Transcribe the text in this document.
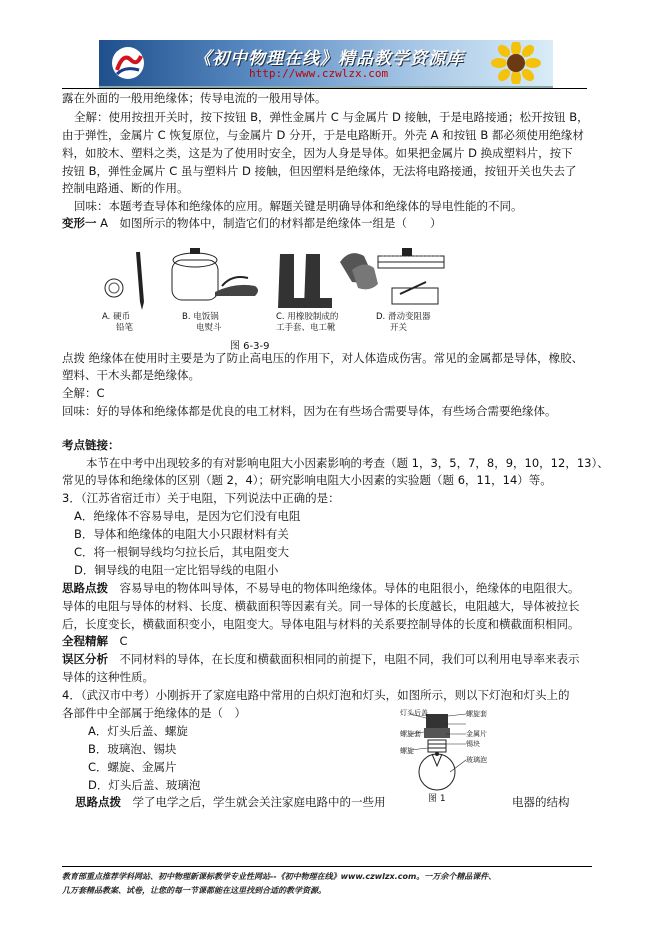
《初中物理在线》精品教学资源库
http://www.czwlzx.com
露在外面的一般用绝缘体；传导电流的一般用导体。
全解：使用按扭开关时，按下按钮 B，弹性金属片 C 与金属片 D 接触，于是电路接通；松开按钮 B，
由于弹性，金属片 C 恢复原位，与金属片 D 分开，于是电路断开。外壳 A 和按钮 B 都必须使用绝缘材
料，如胶木、塑料之类，这是为了使用时安全，因为人身是导体。如果把金属片 D 换成塑料片，按下
按钮 B，弹性金属片 C 虽与塑料片 D 接触，但因塑料是绝缘体，无法将电路接通，按钮开关也失去了
控制电路通、断的作用。
回味：本题考查导体和绝缘体的应用。解题关键是明确导体和绝缘体的导电性能的不同。
变形一 A　如图所示的物体中，制造它们的材料都是绝缘体一组是（　　）
A. 硬币
铅笔
B. 电饭锅
电熨斗
C. 用橡胶制成的
工手套、电工靴
D. 滑动变阻器
开关
图 6-3-9
点拨 绝缘体在使用时主要是为了防止高电压的作用下，对人体造成伤害。常见的金属都是导体，橡胶、
塑料、干木头都是绝缘体。
全解：C
回味：好的导体和绝缘体都是优良的电工材料，因为在有些场合需要导体，有些场合需要绝缘体。
考点链接：
本节在中考中出现较多的有对影响电阻大小因素影响的考查（题 1，3，5，7，8，9，10，12，13）、
常见的导体和绝缘体的区别（题 2，4）；研究影响电阻大小因素的实验题（题 6，11，14）等。
3．（江苏省宿迁市）关于电阻，下列说法中正确的是：
A．绝缘体不容易导电，是因为它们没有电阻
B．导体和绝缘体的电阻大小只跟材料有关
C．将一根铜导线均匀拉长后，其电阻变大
D．铜导线的电阻一定比铝导线的电阻小
思路点拨　容易导电的物体叫导体，不易导电的物体叫绝缘体。导体的电阻很小，绝缘体的电阻很大。
导体的电阻与导体的材料、长度、横截面积等因素有关。同一导体的长度越长，电阻越大，导体被拉长
后，长度变长，横截面积变小，电阻变大。导体电阻与材料的关系要控制导体的长度和横截面积相同。
全程精解　C
误区分析　不同材料的导体，在长度和横截面积相同的前提下，电阻不同，我们可以利用电导率来表示
导体的这种性质。
4．（武汉市中考）小刚拆开了家庭电路中常用的白炽灯泡和灯头，如图所示，则以下灯泡和灯头上的
各部件中全部属于绝缘体的是（　）
A．灯头后盖、螺旋
B．玻璃泡、锡块
C．螺旋、金属片
D．灯头后盖、玻璃泡
思路点拨　学了电学之后，学生就会关注家庭电路中的一些用	电器的结构
灯头后盖	螺旋套
螺旋套	金属片
锡块
螺旋
玻璃泡
图 1
教育部重点推荐学科网站、初中物理新课标教学专业性网站--《初中物理在线》www.czwlzx.com。一万余个精品课件、
几万套精品教案、试卷，让您的每一节课都能在这里找到合适的教学资源。
